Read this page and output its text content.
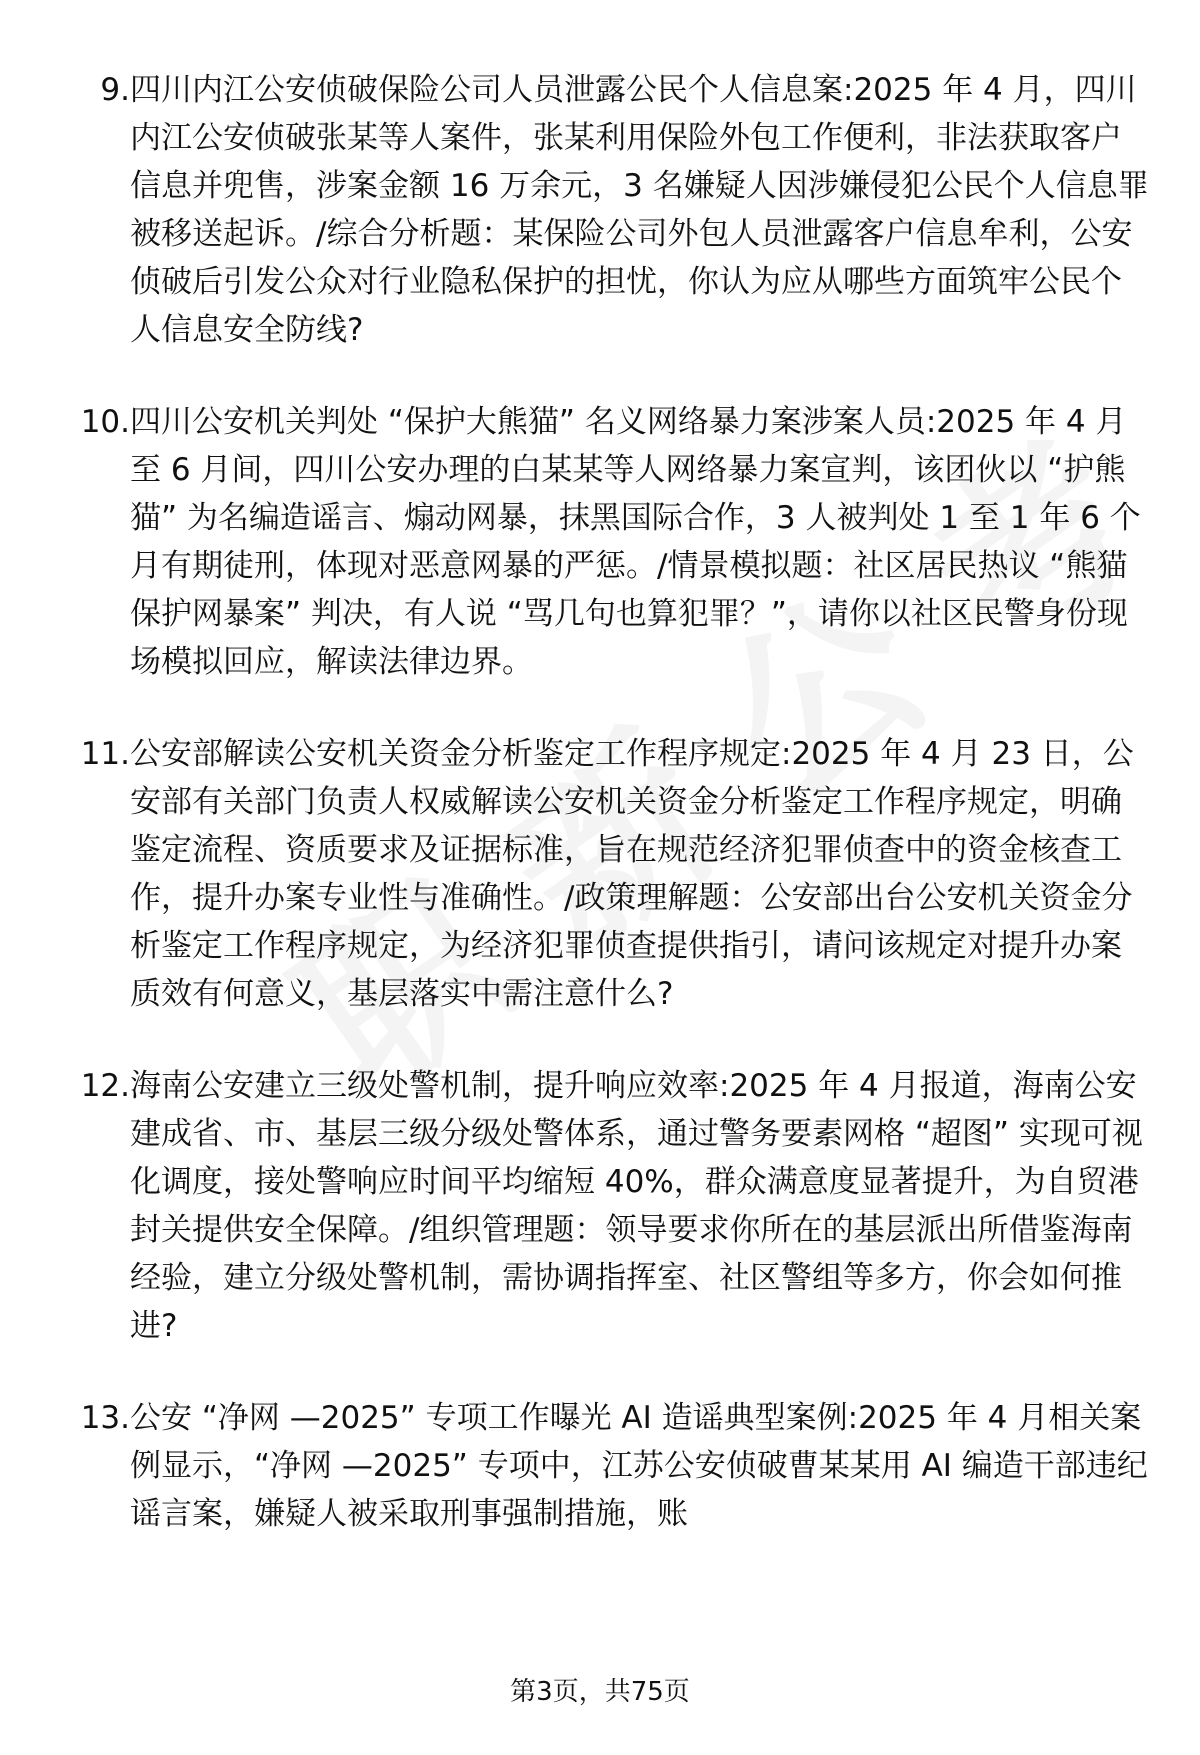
9. 四川内江公安侦破保险公司人员泄露公民个人信息案:2025 年 4 月，四川内江公安侦破张某等人案件，张某利用保险外包工作便利，非法获取客户信息并兜售，涉案金额 16 万余元，3 名嫌疑人因涉嫌侵犯公民个人信息罪被移送起诉。/综合分析题：某保险公司外包人员泄露客户信息牟利，公安侦破后引发公众对行业隐私保护的担忧，你认为应从哪些方面筑牢公民个人信息安全防线?
10. 四川公安机关判处 “保护大熊猫” 名义网络暴力案涉案人员:2025 年 4 月至 6 月间，四川公安办理的白某某等人网络暴力案宣判，该团伙以 “护熊猫” 为名编造谣言、煽动网暴，抹黑国际合作，3 人被判处 1 至 1 年 6 个月有期徒刑，体现对恶意网暴的严惩。/情景模拟题：社区居民热议 “熊猫保护网暴案” 判决，有人说 “骂几句也算犯罪？”，请你以社区民警身份现场模拟回应，解读法律边界。
11. 公安部解读公安机关资金分析鉴定工作程序规定:2025 年 4 月 23 日，公安部有关部门负责人权威解读公安机关资金分析鉴定工作程序规定，明确鉴定流程、资质要求及证据标准，旨在规范经济犯罪侦查中的资金核查工作，提升办案专业性与准确性。/政策理解题：公安部出台公安机关资金分析鉴定工作程序规定，为经济犯罪侦查提供指引，请问该规定对提升办案质效有何意义，基层落实中需注意什么?
12. 海南公安建立三级处警机制，提升响应效率:2025 年 4 月报道，海南公安建成省、市、基层三级分级处警体系，通过警务要素网格 “超图” 实现可视化调度，接处警响应时间平均缩短 40%，群众满意度显著提升，为自贸港封关提供安全保障。/组织管理题：领导要求你所在的基层派出所借鉴海南经验，建立分级处警机制，需协调指挥室、社区警组等多方，你会如何推进?
13. 公安 “净网 —2025” 专项工作曝光 AI 造谣典型案例:2025 年 4 月相关案例显示，“净网 —2025” 专项中，江苏公安侦破曹某某用 AI 编造干部违纪谣言案，嫌疑人被采取刑事强制措施，账
第3页，共75页
